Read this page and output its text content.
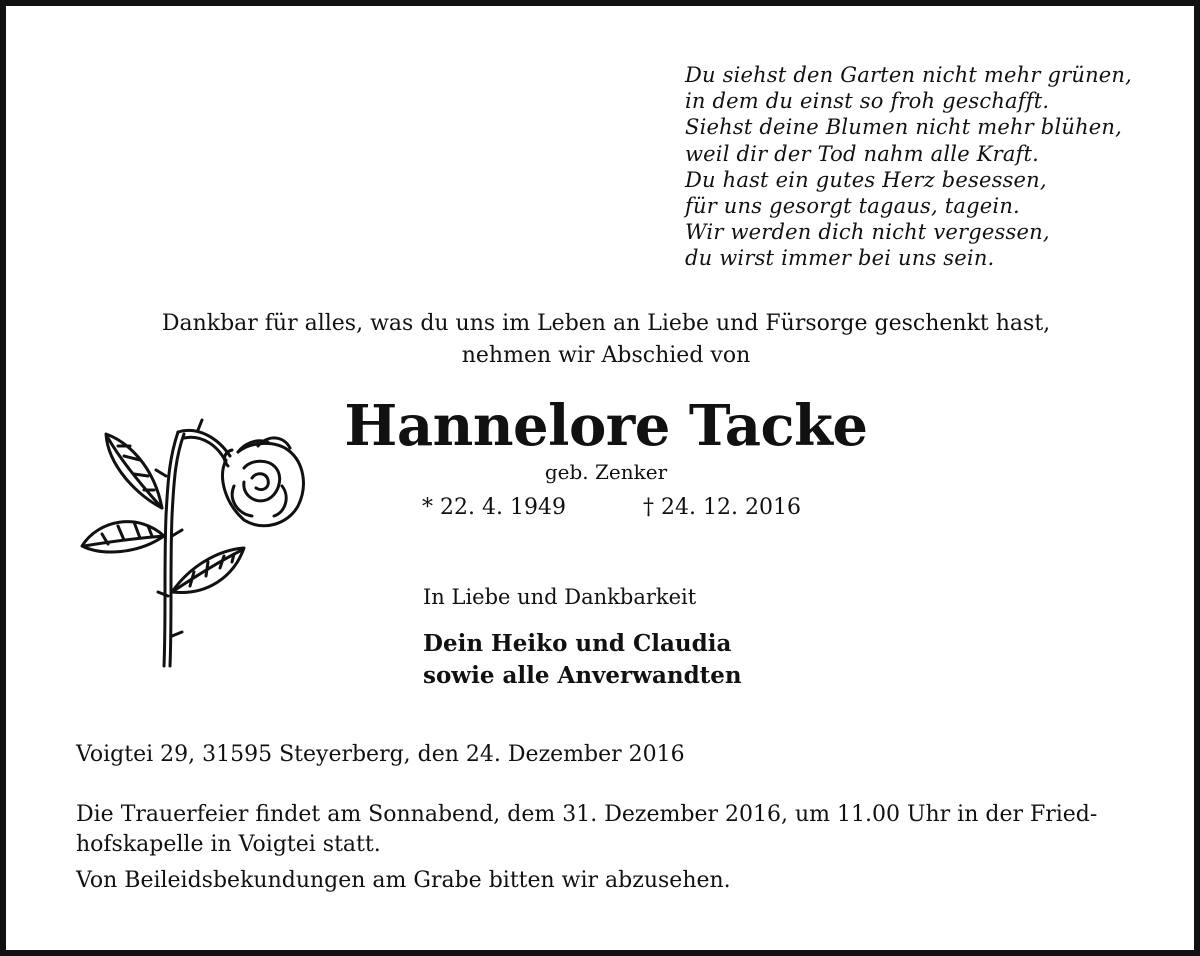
Du siehst den Garten nicht mehr grünen,
in dem du einst so froh geschafft.
Siehst deine Blumen nicht mehr blühen,
weil dir der Tod nahm alle Kraft.
Du hast ein gutes Herz besessen,
für uns gesorgt tagaus, tagein.
Wir werden dich nicht vergessen,
du wirst immer bei uns sein.
Dankbar für alles, was du uns im Leben an Liebe und Fürsorge geschenkt hast,
nehmen wir Abschied von
Hannelore Tacke
geb. Zenker
* 22. 4. 1949	† 24. 12. 2016
In Liebe und Dankbarkeit
Dein Heiko und Claudia
sowie alle Anverwandten
Voigtei 29, 31595 Steyerberg, den 24. Dezember 2016
Die Trauerfeier findet am Sonnabend, dem 31. Dezember 2016, um 11.00 Uhr in der Fried-
hofskapelle in Voigtei statt.
Von Beileidsbekundungen am Grabe bitten wir abzusehen.
